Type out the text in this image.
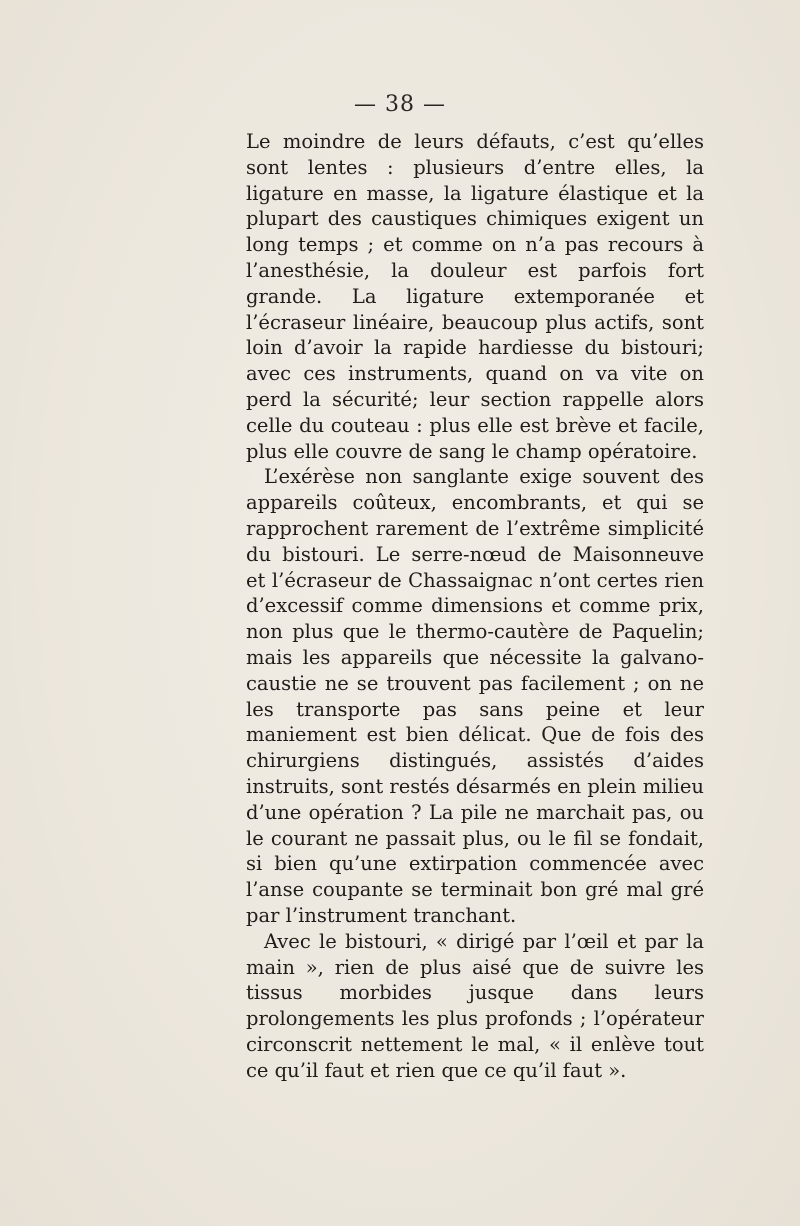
— 38 —

Le moindre de leurs défauts, c’est qu’elles sont lentes : plusieurs d’entre elles, la ligature en masse, la ligature élastique et la plupart des caustiques chimiques exigent un long temps ; et comme on n’a pas recours à l’anesthésie, la douleur est parfois fort grande. La ligature extemporanée et l’écraseur linéaire, beaucoup plus actifs, sont loin d’avoir la rapide hardiesse du bistouri; avec ces instruments, quand on va vite on perd la sécurité; leur section rappelle alors celle du couteau : plus elle est brève et facile, plus elle couvre de sang le champ opératoire.

L’exérèse non sanglante exige souvent des appareils coûteux, encombrants, et qui se rapprochent rarement de l’extrême simplicité du bistouri. Le serre-nœud de Maisonneuve et l’écraseur de Chassaignac n’ont certes rien d’excessif comme dimensions et comme prix, non plus que le thermo-cautère de Paquelin; mais les appareils que nécessite la galvano-caustie ne se trouvent pas facilement ; on ne les transporte pas sans peine et leur maniement est bien délicat. Que de fois des chirurgiens distingués, assistés d’aides instruits, sont restés désarmés en plein milieu d’une opération ? La pile ne marchait pas, ou le courant ne passait plus, ou le fil se fondait, si bien qu’une extirpation commencée avec l’anse coupante se terminait bon gré mal gré par l’instrument tranchant.

Avec le bistouri, « dirigé par l’œil et par la main », rien de plus aisé que de suivre les tissus morbides jusque dans leurs prolongements les plus profonds ; l’opérateur circonscrit nettement le mal, « il enlève tout ce qu’il faut et rien que ce qu’il faut ».
